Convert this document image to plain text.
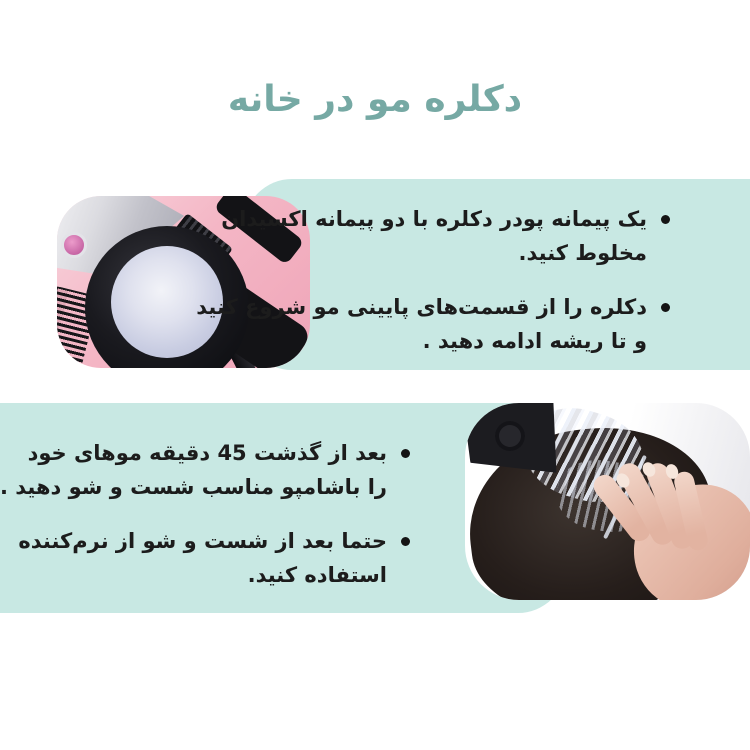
دکلره مو در خانه
یک پیمانه پودر دکلره با دو پیمانه اکسیدان
مخلوط کنید.
دکلره را از قسمت‌های پایینی مو شروع کنید
و تا ریشه ادامه دهید .
بعد از گذشت 45 دقیقه موهای خود
را باشامپو مناسب شست و شو دهید .
حتما بعد از شست و شو از نرم‌کننده
استفاده کنید.
